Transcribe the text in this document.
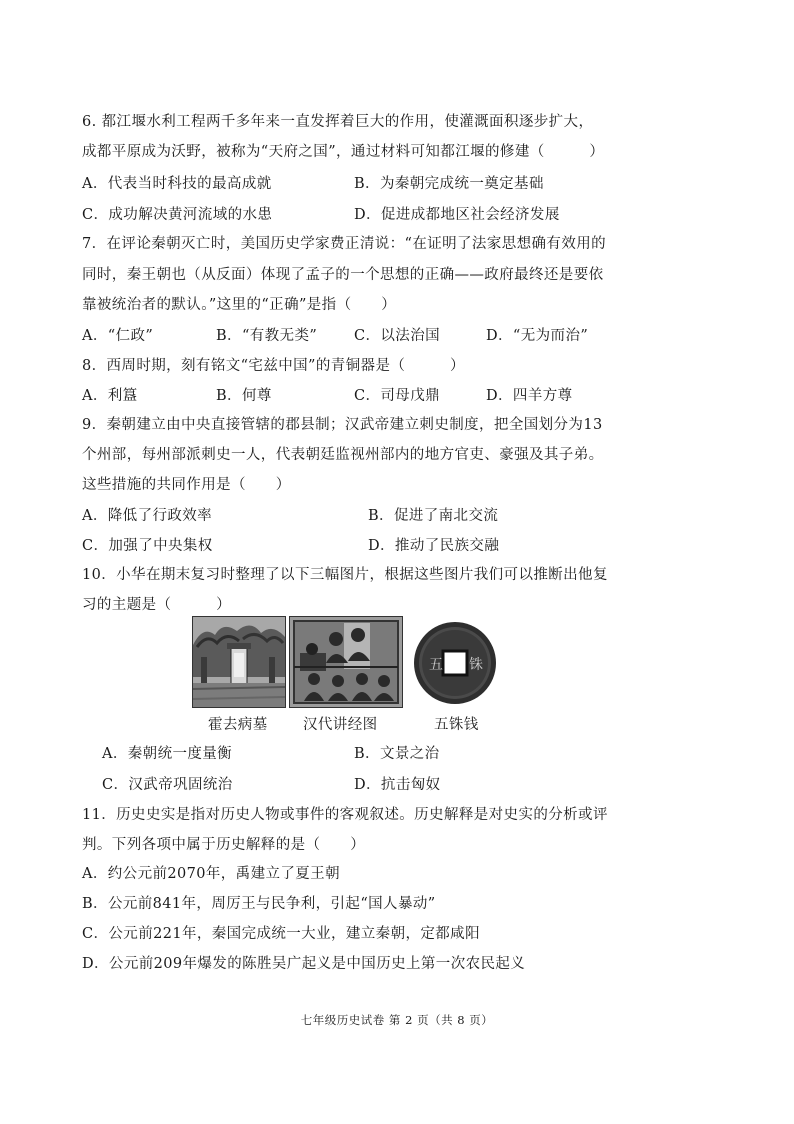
6. 都江堰水利工程两千多年来一直发挥着巨大的作用，使灌溉面积逐步扩大，
成都平原成为沃野，被称为“天府之国”，通过材料可知都江堰的修建（　　　）
A．代表当时科技的最高成就	B．为秦朝完成统一奠定基础
C．成功解决黄河流域的水患	D．促进成都地区社会经济发展
7．在评论秦朝灭亡时，美国历史学家费正清说：“在证明了法家思想确有效用的
同时，秦王朝也（从反面）体现了孟子的一个思想的正确——政府最终还是要依
靠被统治者的默认。”这里的“正确”是指（　　）
A．“仁政”	B．“有教无类”	C．以法治国	D．“无为而治”
8．西周时期，刻有铭文“宅兹中国”的青铜器是（　　　）
A．利簋	B．何尊	C．司母戊鼎	D．四羊方尊
9．秦朝建立由中央直接管辖的郡县制；汉武帝建立刺史制度，把全国划分为13
个州部，每州部派刺史一人，代表朝廷监视州部内的地方官吏、豪强及其子弟。
这些措施的共同作用是（　　）
A．降低了行政效率	B．促进了南北交流
C．加强了中央集权	D．推动了民族交融
10．小华在期末复习时整理了以下三幅图片，根据这些图片我们可以推断出他复
习的主题是（　　　）
五 铢
霍去病墓 汉代讲经图	五铢钱
A．秦朝统一度量衡	B．文景之治
C．汉武帝巩固统治	D．抗击匈奴
11．历史史实是指对历史人物或事件的客观叙述。历史解释是对史实的分析或评
判。下列各项中属于历史解释的是（　　）
A．约公元前2070年，禹建立了夏王朝
B．公元前841年，周厉王与民争利，引起“国人暴动”
C．公元前221年，秦国完成统一大业，建立秦朝，定都咸阳
D．公元前209年爆发的陈胜吴广起义是中国历史上第一次农民起义
七年级历史试卷 第 2 页（共 8 页）
